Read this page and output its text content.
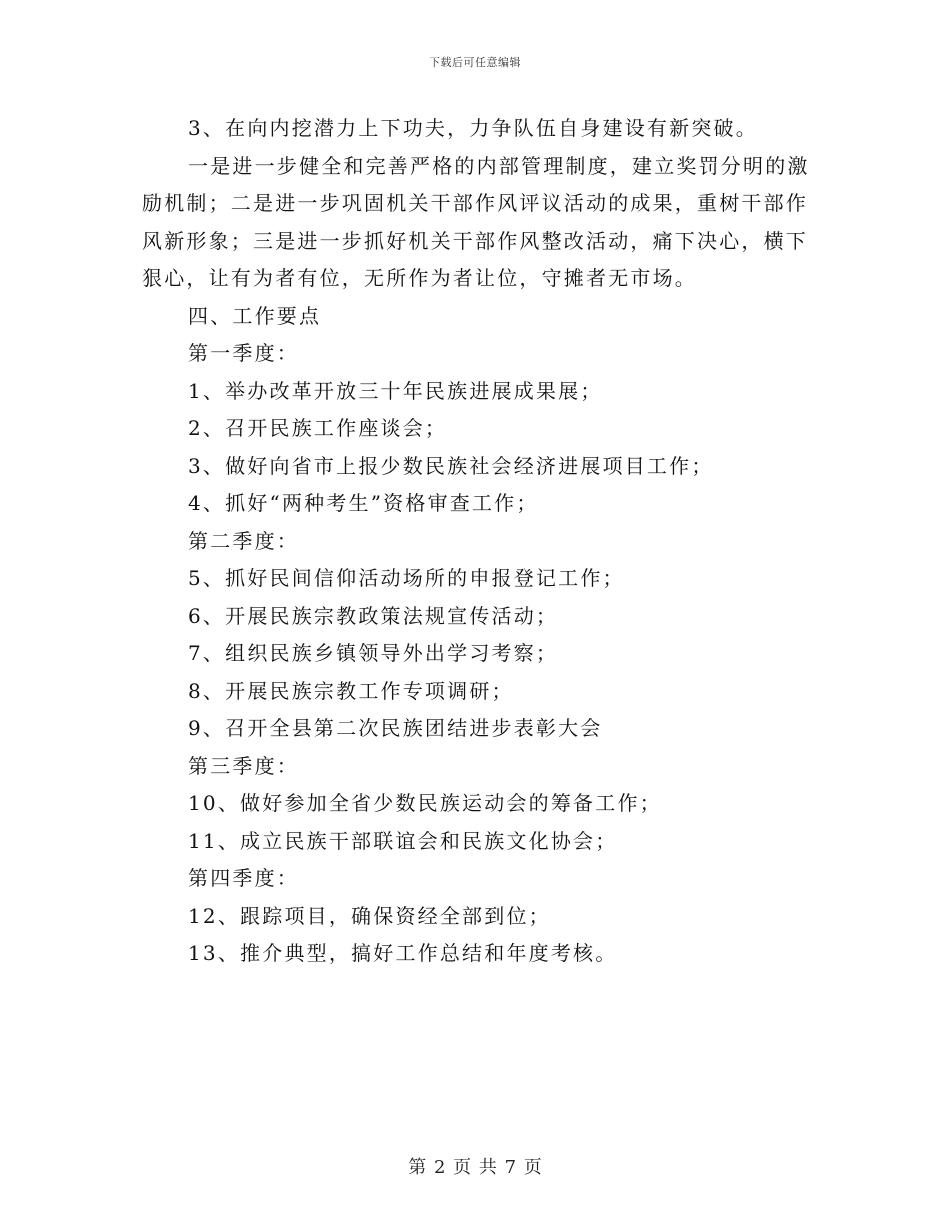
下载后可任意编辑

3、在向内挖潜力上下功夫，力争队伍自身建设有新突破。

一是进一步健全和完善严格的内部管理制度，建立奖罚分明的激励机制；二是进一步巩固机关干部作风评议活动的成果，重树干部作风新形象；三是进一步抓好机关干部作风整改活动，痛下决心，横下狠心，让有为者有位，无所作为者让位，守摊者无市场。

四、工作要点

第一季度：

1、举办改革开放三十年民族进展成果展；

2、召开民族工作座谈会；

3、做好向省市上报少数民族社会经济进展项目工作；

4、抓好“两种考生”资格审查工作；

第二季度：

5、抓好民间信仰活动场所的申报登记工作；

6、开展民族宗教政策法规宣传活动；

7、组织民族乡镇领导外出学习考察；

8、开展民族宗教工作专项调研；

9、召开全县第二次民族团结进步表彰大会

第三季度：

10、做好参加全省少数民族运动会的筹备工作；

11、成立民族干部联谊会和民族文化协会；

第四季度：

12、跟踪项目，确保资经全部到位；

13、推介典型，搞好工作总结和年度考核。

第 2 页 共 7 页
